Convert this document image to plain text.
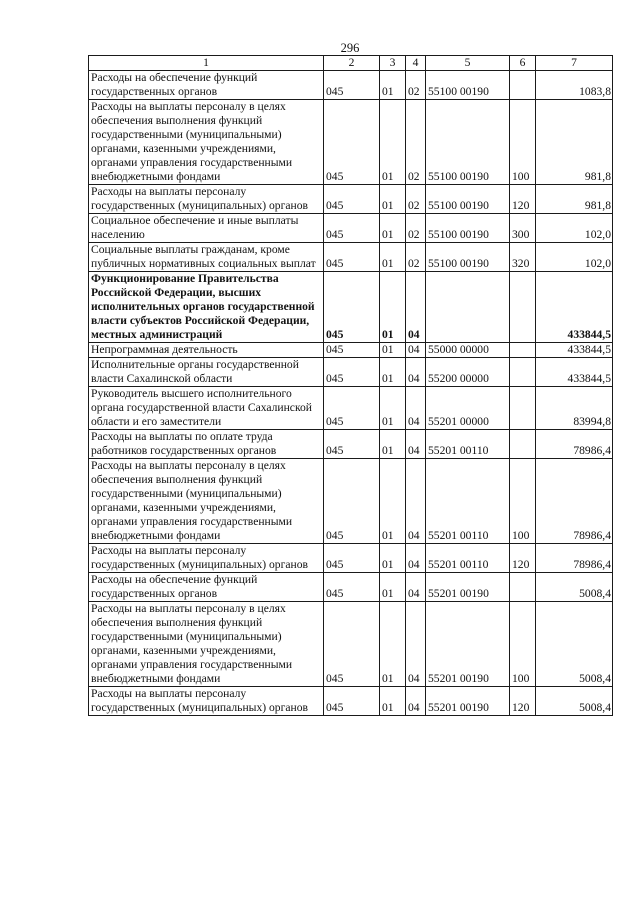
296
1	2	3	4	5	6	7
Расходы на обеспечение функций государственных органов	045	01	02	55100 00190		1083,8
Расходы на выплаты персоналу в целях обеспечения выполнения функций государственными (муниципальными) органами, казенными учреждениями, органами управления государственными внебюджетными фондами	045	01	02	55100 00190	100	981,8
Расходы на выплаты персоналу государственных (муниципальных) органов	045	01	02	55100 00190	120	981,8
Социальное обеспечение и иные выплаты населению	045	01	02	55100 00190	300	102,0
Социальные выплаты гражданам, кроме публичных нормативных социальных выплат	045	01	02	55100 00190	320	102,0
Функционирование Правительства Российской Федерации, высших исполнительных органов государственной власти субъектов Российской Федерации, местных администраций	045	01	04			433844,5
Непрограммная деятельность	045	01	04	55000 00000		433844,5
Исполнительные органы государственной власти Сахалинской области	045	01	04	55200 00000		433844,5
Руководитель высшего исполнительного органа государственной власти Сахалинской области и его заместители	045	01	04	55201 00000		83994,8
Расходы на выплаты по оплате труда работников государственных органов	045	01	04	55201 00110		78986,4
Расходы на выплаты персоналу в целях обеспечения выполнения функций государственными (муниципальными) органами, казенными учреждениями, органами управления государственными внебюджетными фондами	045	01	04	55201 00110	100	78986,4
Расходы на выплаты персоналу государственных (муниципальных) органов	045	01	04	55201 00110	120	78986,4
Расходы на обеспечение функций государственных органов	045	01	04	55201 00190		5008,4
Расходы на выплаты персоналу в целях обеспечения выполнения функций государственными (муниципальными) органами, казенными учреждениями, органами управления государственными внебюджетными фондами	045	01	04	55201 00190	100	5008,4
Расходы на выплаты персоналу государственных (муниципальных) органов	045	01	04	55201 00190	120	5008,4
